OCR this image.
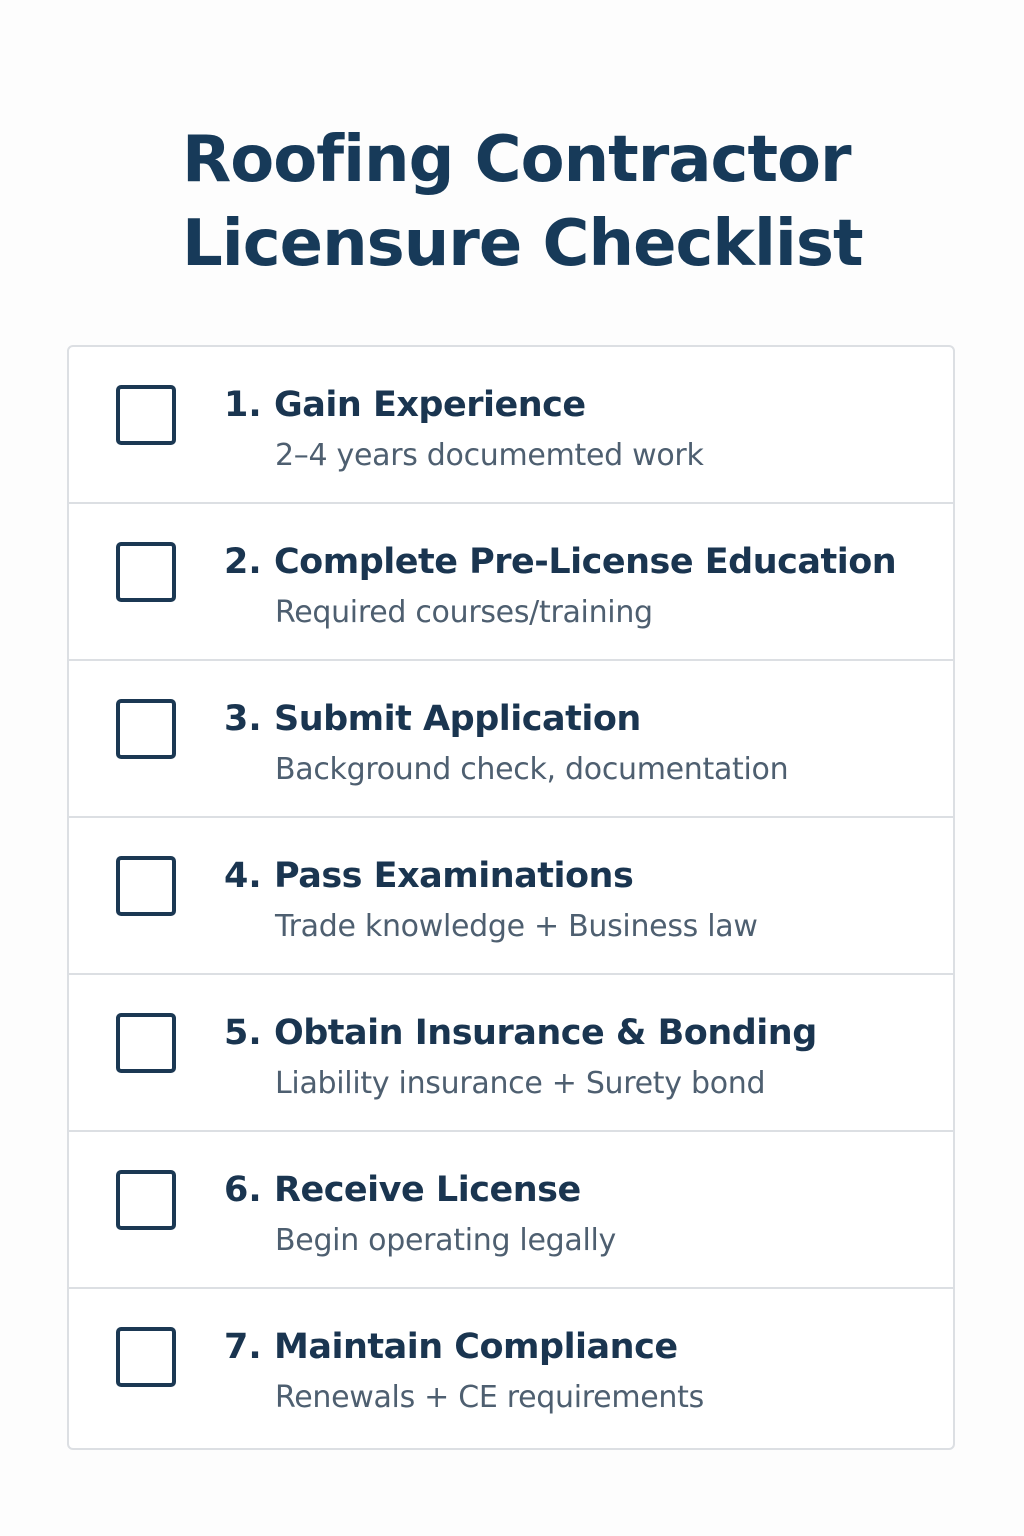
Roofing Contractor
Licensure Checklist
1. Gain Experience
2–4 years documemted work
2. Complete Pre-License Education
Required courses/training
3. Submit Application
Background check, documentation
4. Pass Examinations
Trade knowledge + Business law
5. Obtain Insurance & Bonding
Liability insurance + Surety bond
6. Receive License
Begin operating legally
7. Maintain Compliance
Renewals + CE requirements
